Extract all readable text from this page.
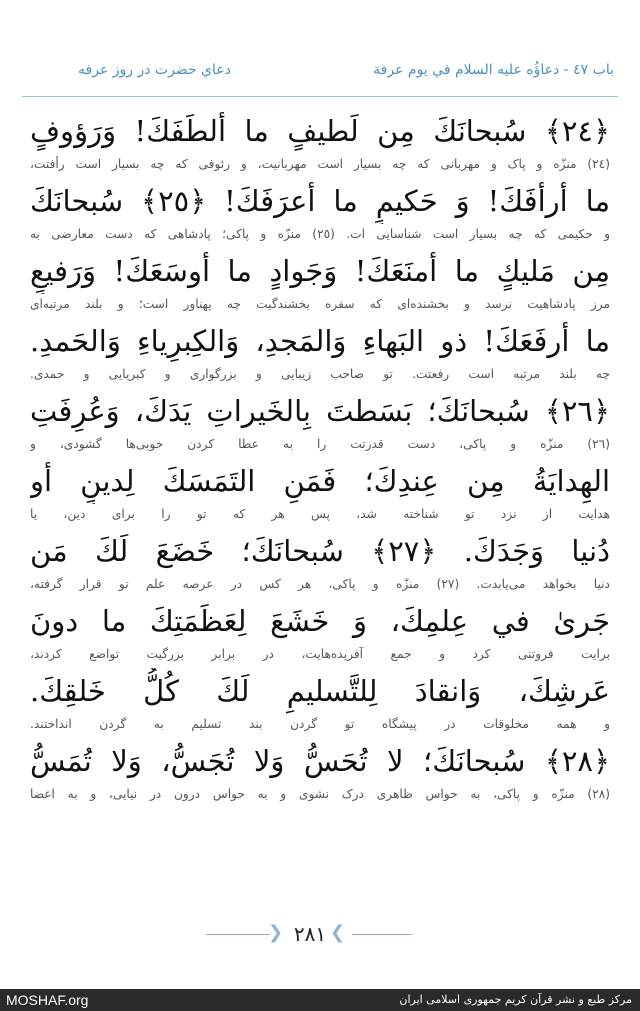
باب ٤٧ - دعاؤُه عليه السلام في يوم عرفة
دعاي حضرت در روز عرفه
﴿٢٤﴾ سُبحانَكَ مِن لَطيفٍ ما ألطَفَكَ! وَرَؤوفٍ
(٢٤) منزّه و پاک و مهربانى که چه بسیار است مهربانیت، و رئوفى که چه بسیار است رأفتت،
ما أرأفَكَ! وَ حَكيمٍ ما أعرَفَكَ! ﴿٢٥﴾ سُبحانَكَ
و حکیمى که چه بسیار است شناسایى ات. (٢٥) منزّه و پاکى؛ پادشاهى که دست معارضى به
مِن مَليكٍ ما أمنَعَكَ! وَجَوادٍ ما أوسَعَكَ! وَرَفيعٍ
مرز پادشاهیت نرسد و بخشنده‌ای که سفره بخشندگیت چه پهناور است؛ و بلند مرتبه‌اى
ما أرفَعَكَ! ذو البَهاءِ وَالمَجدِ، وَالكِبرِياءِ وَالحَمدِ.
چه بلند مرتبه است رفعتت. تو صاحب زیبایى و بزرگوارى و کبریایى و حمدى.
﴿٢٦﴾ سُبحانَكَ؛ بَسَطتَ بِالخَيراتِ يَدَكَ، وَعُرِفَتِ
(٢٦) منزّه و پاکى، دست قدرتت را به عطا کردن خوبى‌ها گشودى، و
الهِدايَةُ مِن عِندِكَ؛ فَمَنِ التَمَسَكَ لِدينٍ أو
هدایت از نزد تو شناخته شد، پس هر که تو را براى دین، یا
دُنيا وَجَدَكَ. ﴿٢٧﴾ سُبحانَكَ؛ خَضَعَ لَكَ مَن
دنیا بخواهد مى‌یابدت. (٢٧) منزّه و پاکى، هر کس در عرصه علم تو قرار گرفته،
جَرىٰ في عِلمِكَ، وَ خَشَعَ لِعَظَمَتِكَ ما دونَ
برایت فروتنى کرد و جمع آفریده‌هایت، در برابر بزرگیت تواضع کردند،
عَرشِكَ، وَانقادَ لِلتَّسليمِ لَكَ كُلُّ خَلقِكَ.
و همه مخلوقات در پیشگاه تو گردن بند تسلیم به گردن انداختند.
﴿٢٨﴾ سُبحانَكَ؛ لا تُحَسُّ وَلا تُجَسُّ، وَلا تُمَسُّ
(٢٨) منزّه و پاکى، به حواس ظاهرى درک نشوى و به حواس درون در نیایى، و به اعضا
❮ ٢٨١ ❯
MOSHAF.org	مرکز طبع و نشر قرآن کریم جمهوری اسلامی ایران
